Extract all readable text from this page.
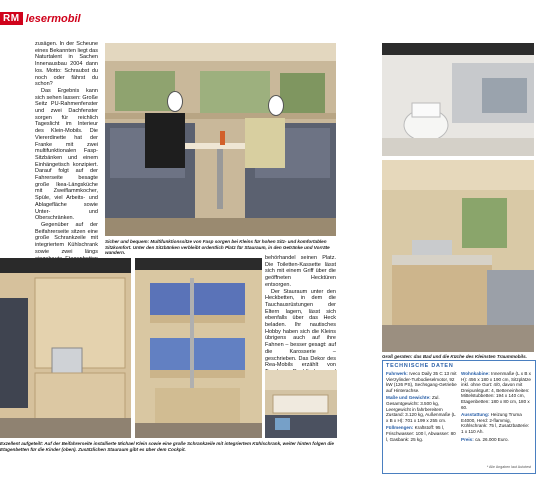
RM lesermobil

zusägen. In der Scheune eines Bekannten liegt das Naturtalent in Sachen Innenausbau 2004 dann los. Motto: Schraubst du noch oder fährst du schon?

Das Ergebnis kann sich sehen lassen: Große Seitz PU-Rahmenfenster und zwei Dachfenster sorgen für reichlich Tageslicht im Interieur des Klein-Mobils. Die Viererdinette hat der Franke mit zwei multifunktionalen Fasp-Sitzbänken und einem Einhängetisch konzipiert. Darauf folgt auf der Fahrerseite besagte große Ikea-Längsküche mit Zweiflammkocher, Spüle, viel Arbeits- und Ablagefläche sowie Unter- und Oberschränken.

Gegenüber auf der Beifahrerseite sitzen eine große Schrankzeile mit integriertem Kühlschrank sowie zwei längs

Sicher und bequem: Multifunktionssitze von Fasp sorgen bei Kleins für hohen Sitz- und komfortablen Sitzkomfort. Unter den Sitzbänken verbleibt ordentlich Platz für Stauraum, in den Getränke und Vorräte wandern.
Groß geraten: das Bad und die Küche des Kleinsten Traummobils.

behörhandel seinen Platz. Die Toiletten-Kassette lässt sich mit einem Griff über die geöffneten Hecktüren entsorgen.

Der Stauraum unter den Heckbetten, in dem die Tauchausrüstungen der Eltern lagern, lässt sich ebenfalls über das Heck beladen. Ihr nautisches Hobby haben sich die Kleins übrigens auch auf ihre Fahnen – besser gesagt: auf die Karosserie – geschrieben. Das Dekor des Rea-Mobils erzählt von

Exzellent aufgeteilt: Auf der Beifahrerseite installierte Michael Klein sowie eine große Schrankzeile mit integriertem Kühlschrank, weiter hinten folgen die Etagenbetten für die Kinder (oben). Zusätzlichen Stauraum gibt es über dem Cockpit.
TECHNISCHE DATEN
Fahrwerk: Iveco Daily 35 C 13 mit Vierzylinder-Turbodieselmotor, 92 kW (126 PS), Sechsgang-Getriebe auf Hinterachse.
Maße und Gewichte: Zul. Gesamtgewicht: 3.500 kg, Leergewicht in fahrbereitem Zustand: 3.120 kg, Außenmaße (L x B x H): 701 x 199 x 255 cm.
Füllmengen: Kraftstoff: 95 l, Frischwasser: 100 l, Abwasser: 80 l, Gasbank: 25 kg.
Wohnkabine: Innenmaße (L x B x H): 456 x 180 x 190 cm, Sitzplätze inkl. ohne Gurt: 4/0, davon mit Dreipunktgurt: 4, Betteneinheiten: Mittelstubbetten: 194 x 140 cm, Etagenbetten: 180 x 80 cm, 180 x 60.
Ausstattung: Heizung Truma E4000, Herd: 2-flammig, Kühlschrank: 75 l, Zusatzbatterie: 1 x 110 Ah.
Preis: ca. 26.000 Euro.
* Alle Angaben laut Autotest
